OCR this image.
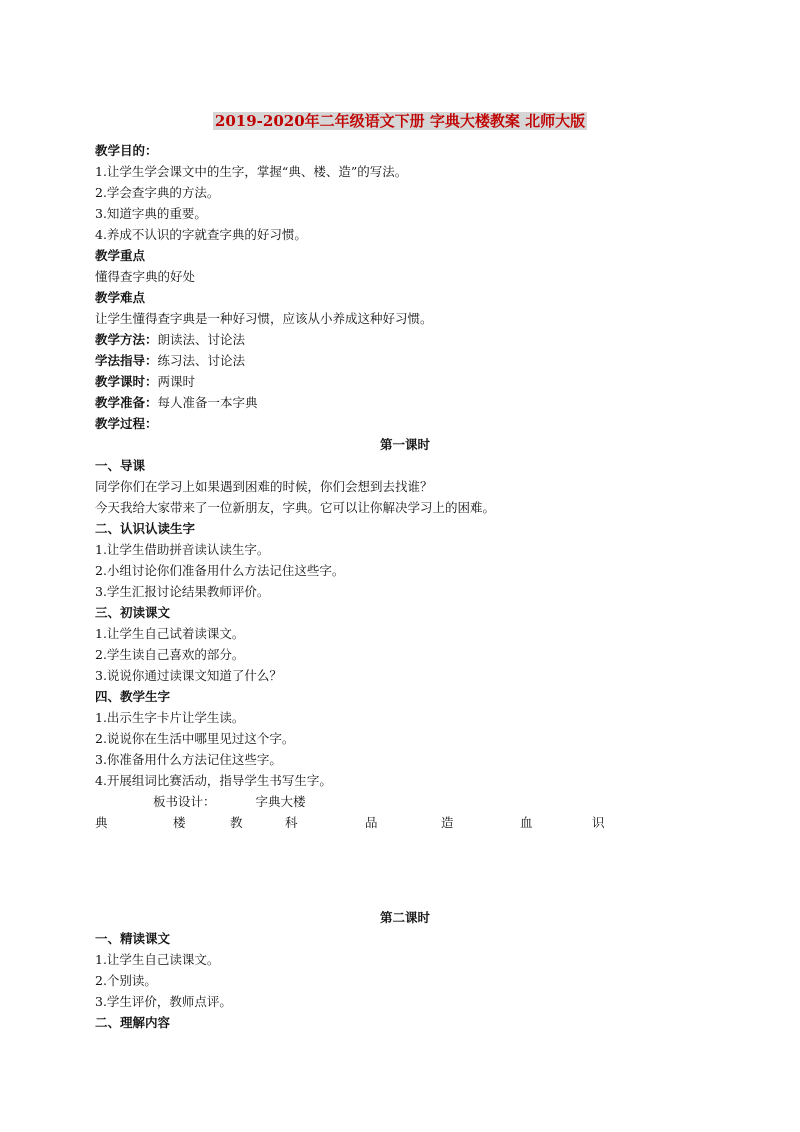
2019-2020年二年级语文下册 字典大楼教案 北师大版
教学目的：
1.让学生学会课文中的生字，掌握“典、楼、造”的写法。
2.学会查字典的方法。
3.知道字典的重要。
4.养成不认识的字就查字典的好习惯。
教学重点
懂得查字典的好处
教学难点
让学生懂得查字典是一种好习惯，应该从小养成这种好习惯。
教学方法：朗读法、讨论法
学法指导：练习法、讨论法
教学课时：两课时
教学准备：每人准备一本字典
教学过程：
第一课时
一、导课
同学你们在学习上如果遇到困难的时候，你们会想到去找谁？
今天我给大家带来了一位新朋友，字典。它可以让你解决学习上的困难。
二、认识认读生字
1.让学生借助拼音读认读生字。
2.小组讨论你们准备用什么方法记住这些字。
3.学生汇报讨论结果教师评价。
三、初读课文
1.让学生自己试着读课文。
2.学生读自己喜欢的部分。
3.说说你通过读课文知道了什么？
四、教学生字
1.出示生字卡片让学生读。
2.说说你在生活中哪里见过这个字。
3.你准备用什么方法记住这些字。
4.开展组词比赛活动，指导学生书写生字。
板书设计：	字典大楼
典	楼	教	科	品	造	血	识
第二课时
一、精读课文
1.让学生自己读课文。
2.个别读。
3.学生评价，教师点评。
二、理解内容
